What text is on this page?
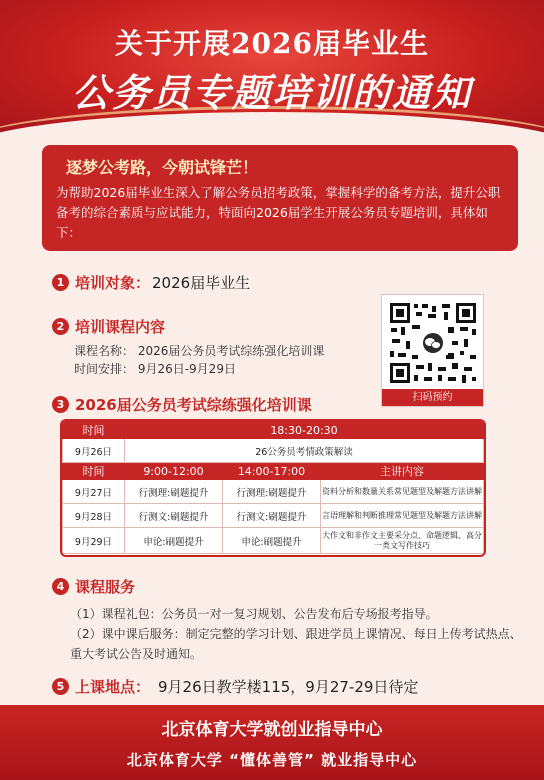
关于开展2026届毕业生
公务员专题培训的通知
逐梦公考路，今朝试锋芒！
为帮助2026届毕业生深入了解公务员招考政策，掌握科学的备考方法，提升公职备考的综合素质与应试能力，特面向2026届学生开展公务员专题培训，具体如下：
1 培训对象： 2026届毕业生
2 培训课程内容
课程名称： 2026届公务员考试综练强化培训课
时间安排： 9月26日-9月29日
扫码预约
3 2026届公务员考试综练强化培训课
时间	18:30-20:30		
9月26日	26公务员考情政策解读		
时间	9:00-12:00	14:00-17:00	主讲内容
9月27日	行测理:刷题提升	行测理:刷题提升	资料分析和数量关系常见题型及解题方法讲解
9月28日	行测文:刷题提升	行测文:刷题提升	言语理解和判断推理常见题型及解题方法讲解
9月29日	申论:刷题提升	申论:刷题提升	大作文和非作文主要采分点、命题逻辑、高分一类文写作技巧
4 课程服务
（1）课程礼包：公务员一对一复习规划、公告发布后专场报考指导。
（2）课中课后服务：制定完整的学习计划、跟进学员上课情况、每日上传考试热点、重大考试公告及时通知。
5 上课地点： 9月26日教学楼115，9月27-29日待定
北京体育大学就创业指导中心
北京体育大学 “懂体善管” 就业指导中心
